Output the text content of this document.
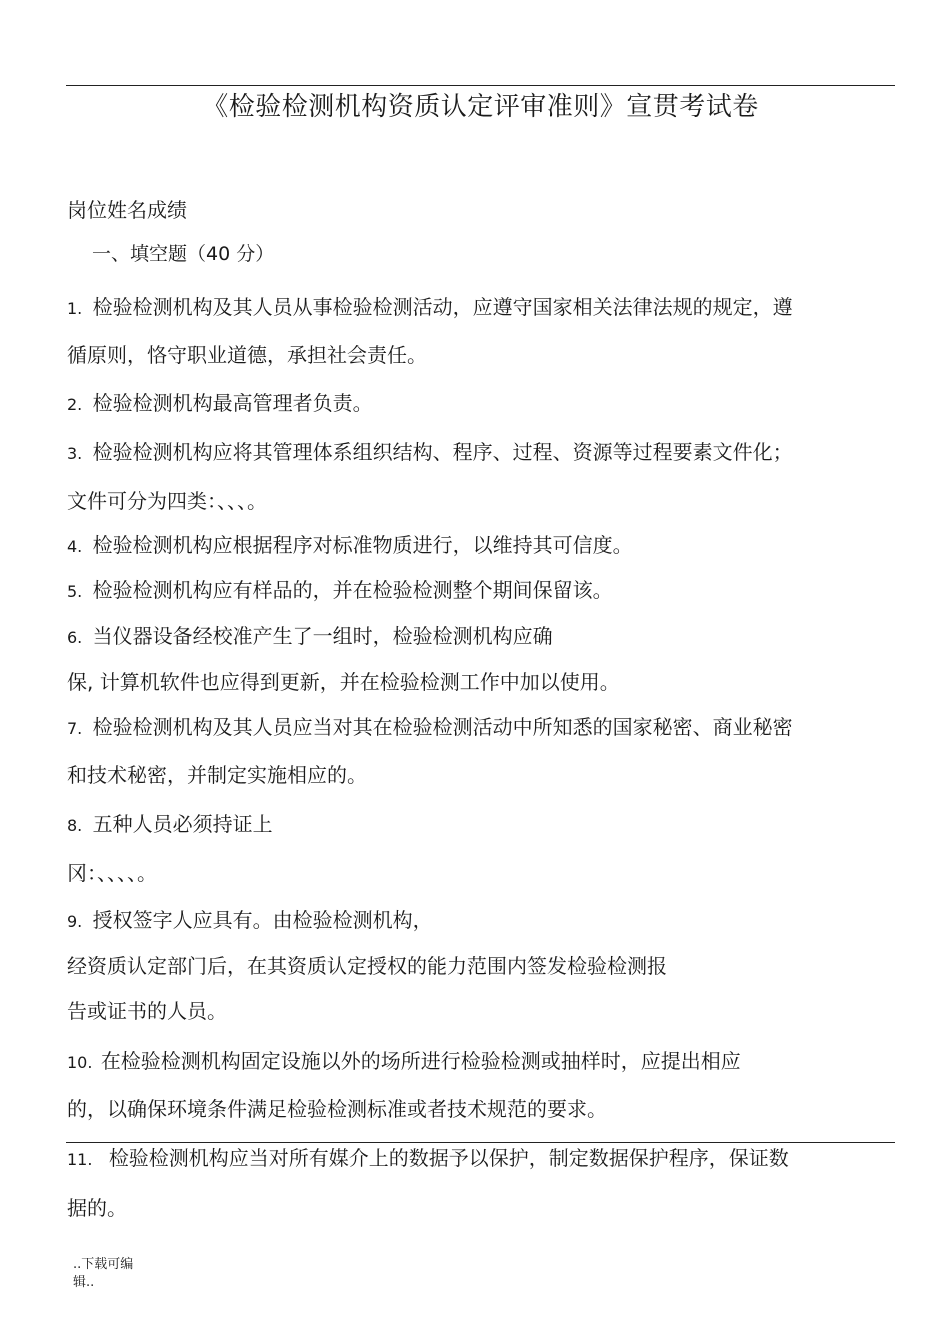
《检验检测机构资质认定评审准则》宣贯考试卷
岗位姓名成绩
一、填空题（40 分）
1. 检验检测机构及其人员从事检验检测活动，应遵守国家相关法律法规的规定，遵
循原则，恪守职业道德，承担社会责任。
2. 检验检测机构最高管理者负责。
3. 检验检测机构应将其管理体系组织结构、程序、过程、资源等过程要素文件化；
文件可分为四类：、、、。
4. 检验检测机构应根据程序对标准物质进行，以维持其可信度。
5. 检验检测机构应有样品的，并在检验检测整个期间保留该。
6. 当仪器设备经校准产生了一组时，检验检测机构应确
保, 计算机软件也应得到更新，并在检验检测工作中加以使用。
7. 检验检测机构及其人员应当对其在检验检测活动中所知悉的国家秘密、商业秘密
和技术秘密，并制定实施相应的。
8. 五种人员必须持证上
冈：、、、、。
9. 授权签字人应具有。由检验检测机构，
经资质认定部门后，在其资质认定授权的能力范围内签发检验检测报
告或证书的人员。
10. 在检验检测机构固定设施以外的场所进行检验检测或抽样时，应提出相应
的，以确保环境条件满足检验检测标准或者技术规范的要求。
11. 检验检测机构应当对所有媒介上的数据予以保护，制定数据保护程序，保证数
据的。
..下载可编
辑..
